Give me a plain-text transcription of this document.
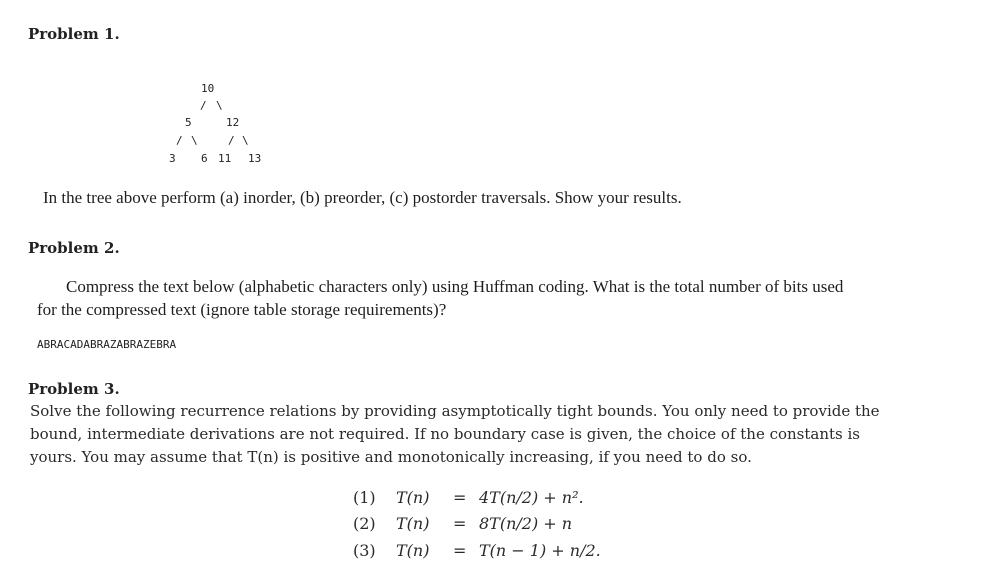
Problem 1.
10
/ \
5	12
/ \	/ \
3 6 11 13
In the tree above perform (a) inorder, (b) preorder, (c) postorder traversals. Show your results.
Problem 2.
Compress the text below (alphabetic characters only) using Huffman coding. What is the total number of bits used
for the compressed text (ignore table storage requirements)?
ABRACADABRAZABRAZEBRA
Problem 3.
Solve the following recurrence relations by providing asymptotically tight bounds. You only need to provide the
bound, intermediate derivations are not required. If no boundary case is given, the choice of the constants is
yours. You may assume that T(n) is positive and monotonically increasing, if you need to do so.
(1) T(n) = 4T(n/2) + n².
(2) T(n) = 8T(n/2) + n
(3) T(n) = T(n − 1) + n/2.
